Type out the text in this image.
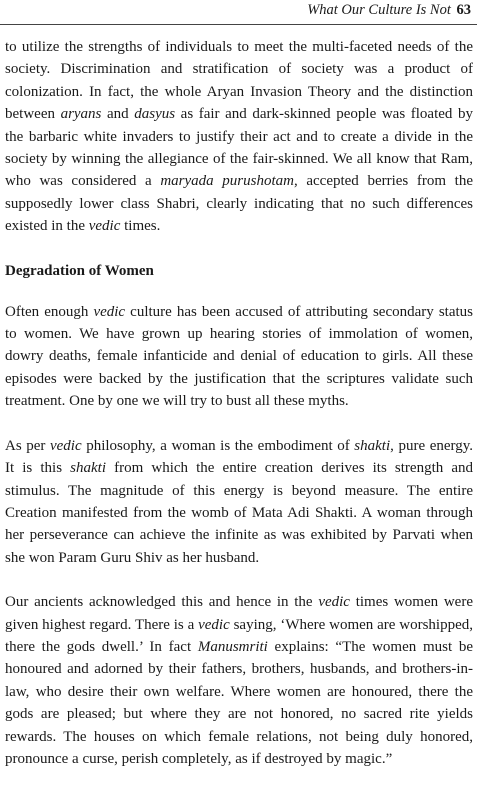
What Our Culture Is Not 63

to utilize the strengths of individuals to meet the multi-faceted needs of the society. Discrimination and stratification of society was a product of colonization. In fact, the whole Aryan Invasion Theory and the distinction between aryans and dasyus as fair and dark-skinned people was floated by the barbaric white invaders to justify their act and to create a divide in the society by winning the allegiance of the fair-skinned. We all know that Ram, who was considered a maryada purushotam, accepted berries from the supposedly lower class Shabri, clearly indicating that no such differences existed in the vedic times.

Degradation of Women

Often enough vedic culture has been accused of attributing secondary status to women. We have grown up hearing stories of immolation of women, dowry deaths, female infanticide and denial of education to girls. All these episodes were backed by the justification that the scriptures validate such treatment. One by one we will try to bust all these myths.

As per vedic philosophy, a woman is the embodiment of shakti, pure energy. It is this shakti from which the entire creation derives its strength and stimulus. The magnitude of this energy is beyond measure. The entire Creation manifested from the womb of Mata Adi Shakti. A woman through her perseverance can achieve the infinite as was exhibited by Parvati when she won Param Guru Shiv as her husband.

Our ancients acknowledged this and hence in the vedic times women were given highest regard. There is a vedic saying, ‘Where women are worshipped, there the gods dwell.’ In fact Manusmriti explains: “The women must be honoured and adorned by their fathers, brothers, husbands, and brothers-in-law, who desire their own welfare. Where women are honoured, there the gods are pleased; but where they are not honored, no sacred rite yields rewards. The houses on which female relations, not being duly honored, pronounce a curse, perish completely, as if destroyed by magic.”
